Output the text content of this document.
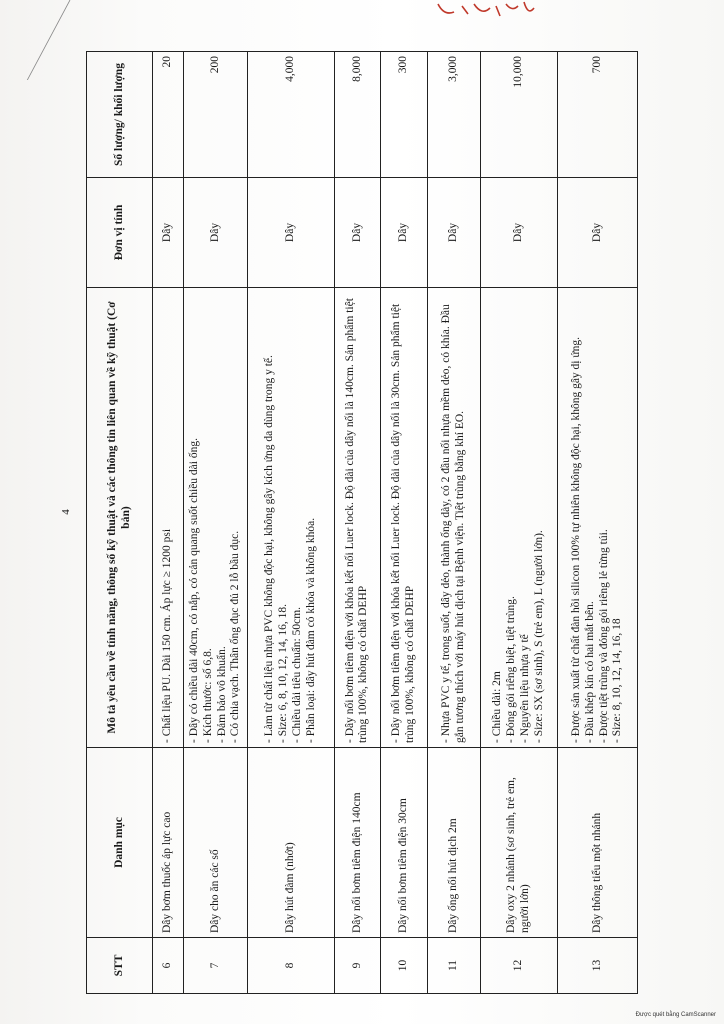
4
STT	Danh mục	Mô tả yêu cầu về tính năng, thông số kỹ thuật và các thông tin liên quan về kỹ thuật (Cơ bản)	Đơn vị tính	Số lượng/ khối lượng
6	Dây bơm thuốc áp lực cao	- Chất liệu PU. Dài 150 cm. Áp lực ≥ 1200 psi	Dây	20
7	Dây cho ăn các số	- Dây có chiều dài 40cm, có nắp, có cản quang suốt chiều dài ống. - Kích thước: số 6,8. - Đảm bảo vô khuẩn. - Có chia vạch. Thân ống đục đủ 2 lỗ bầu dục.	Dây	200
8	Dây hút đàm (nhớt)	- Làm từ chất liệu nhựa PVC không độc hại, không gây kích ứng da dùng trong y tế. - Size: 6, 8, 10, 12, 14, 16, 18. - Chiều dài tiêu chuẩn: 50cm. - Phân loại: dây hút đàm có khóa và không khóa.	Dây	4,000
9	Dây nối bơm tiêm điện 140cm	- Dây nối bơm tiêm điện với khóa kết nối Luer lock. Độ dài của dây nối là 140cm. Sản phẩm tiệt trùng 100%, không có chất DEHP	Dây	8,000
10	Dây nối bơm tiêm điện 30cm	- Dây nối bơm tiêm điện với khóa kết nối Luer lock. Độ dài của dây nối là 30cm. Sản phẩm tiệt trùng 100%, không có chất DEHP	Dây	300
11	Dây ống nối hút dịch 2m	- Nhựa PVC y tế, trong suốt, dây dẻo, thành ống dày, có 2 đầu nối nhựa mềm dẻo, có khía. Đầu gắn tương thích với máy hút dịch tại Bệnh viện. Tiệt trùng bằng khí EO.	Dây	3,000
12	Dây oxy 2 nhánh (sơ sinh, trẻ em, người lớn)	- Chiều dài: 2m - Đóng gói riêng biệt, tiệt trùng. - Nguyên liệu nhựa y tế - Size: SX (sơ sinh), S (trẻ em), L (người lớn).	Dây	10,000
13	Dây thông tiểu một nhánh	- Được sản xuất từ chất đàn hồi silicon 100% tự nhiên không độc hại, không gây dị ứng. - Đầu khép kín có hai mắt bên. - Được tiệt trùng và đóng gói riêng lẻ từng túi. - Size: 8, 10, 12, 14, 16, 18	Dây	700
Được quét bằng CamScanner
